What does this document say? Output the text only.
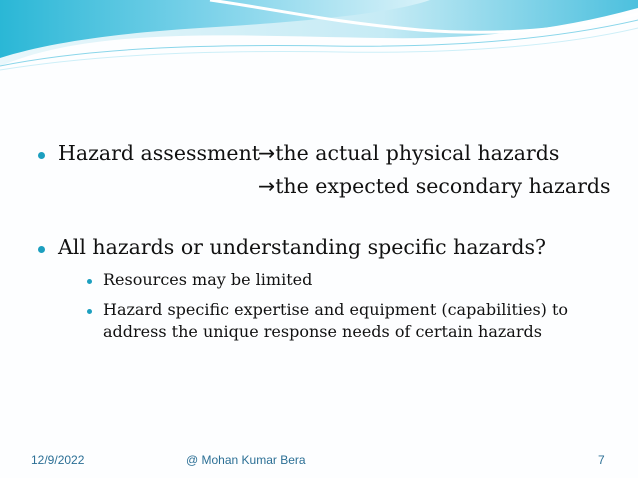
Hazard assessment
→the actual physical hazards
→the expected secondary hazards
All hazards or understanding specific hazards?
Resources may be limited
Hazard specific expertise and equipment (capabilities) to
address the unique response needs of certain hazards
12/9/2022	@ Mohan Kumar Bera	7
